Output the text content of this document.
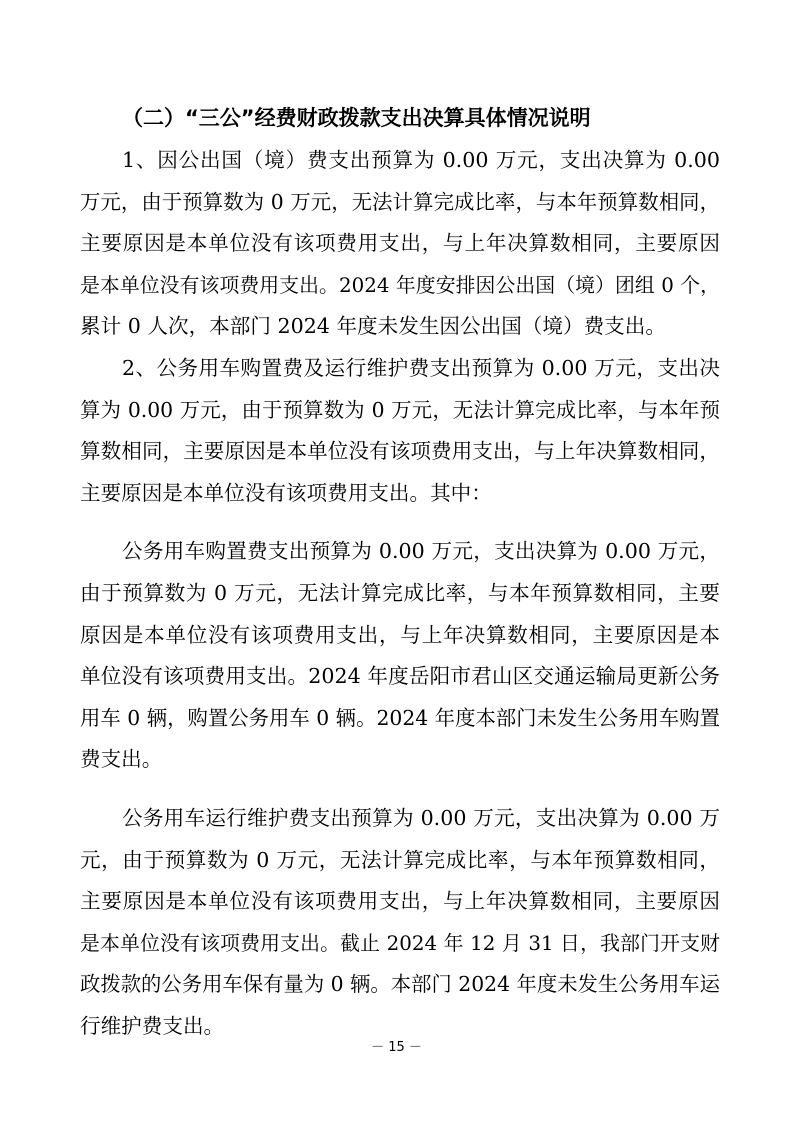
（二）“三公”经费财政拨款支出决算具体情况说明

1、因公出国（境）费支出预算为 0.00 万元，支出决算为 0.00
万元，由于预算数为 0 万元，无法计算完成比率，与本年预算数相同，
主要原因是本单位没有该项费用支出，与上年决算数相同，主要原因
是本单位没有该项费用支出。2024 年度安排因公出国（境）团组 0 个，
累计 0 人次，本部门 2024 年度未发生因公出国（境）费支出。

2、公务用车购置费及运行维护费支出预算为 0.00 万元，支出决
算为 0.00 万元，由于预算数为 0 万元，无法计算完成比率，与本年预
算数相同，主要原因是本单位没有该项费用支出，与上年决算数相同，
主要原因是本单位没有该项费用支出。其中：

公务用车购置费支出预算为 0.00 万元，支出决算为 0.00 万元，
由于预算数为 0 万元，无法计算完成比率，与本年预算数相同，主要
原因是本单位没有该项费用支出，与上年决算数相同，主要原因是本
单位没有该项费用支出。2024 年度岳阳市君山区交通运输局更新公务
用车 0 辆，购置公务用车 0 辆。2024 年度本部门未发生公务用车购置
费支出。

公务用车运行维护费支出预算为 0.00 万元，支出决算为 0.00 万
元，由于预算数为 0 万元，无法计算完成比率，与本年预算数相同，
主要原因是本单位没有该项费用支出，与上年决算数相同，主要原因
是本单位没有该项费用支出。截止 2024 年 12 月 31 日，我部门开支财
政拨款的公务用车保有量为 0 辆。本部门 2024 年度未发生公务用车运
行维护费支出。

－ 15 －
